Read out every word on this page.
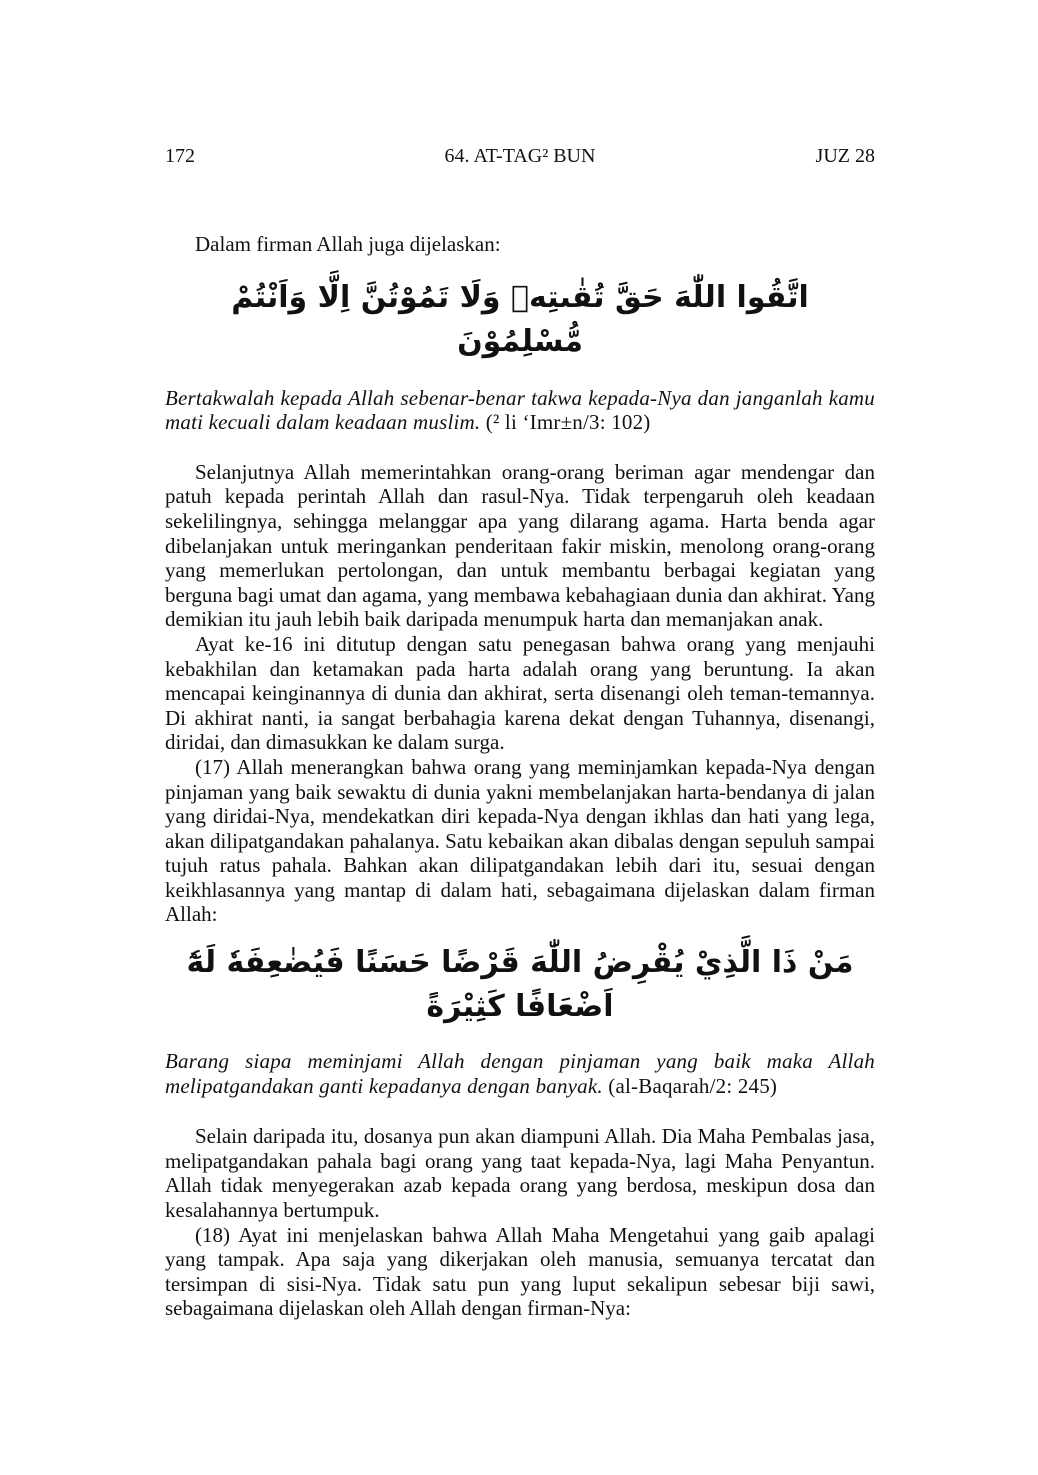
172	64. AT-TAG² BUN	JUZ 28

Dalam firman Allah juga dijelaskan:

اتَّقُوا اللّٰهَ حَقَّ تُقٰىتِهٖ وَلَا تَمُوْتُنَّ اِلَّا وَاَنْتُمْ مُّسْلِمُوْنَ

Bertakwalah kepada Allah sebenar-benar takwa kepada-Nya dan janganlah kamu mati kecuali dalam keadaan muslim. (² li ‘Imr±n/3: 102)

Selanjutnya Allah memerintahkan orang-orang beriman agar mendengar dan patuh kepada perintah Allah dan rasul-Nya. Tidak terpengaruh oleh keadaan sekelilingnya, sehingga melanggar apa yang dilarang agama. Harta benda agar dibelanjakan untuk meringankan penderitaan fakir miskin, menolong orang-orang yang memerlukan pertolongan, dan untuk membantu berbagai kegiatan yang berguna bagi umat dan agama, yang membawa kebahagiaan dunia dan akhirat. Yang demikian itu jauh lebih baik daripada menumpuk harta dan memanjakan anak.

Ayat ke-16 ini ditutup dengan satu penegasan bahwa orang yang menjauhi kebakhilan dan ketamakan pada harta adalah orang yang beruntung. Ia akan mencapai keinginannya di dunia dan akhirat, serta disenangi oleh teman-temannya. Di akhirat nanti, ia sangat berbahagia karena dekat dengan Tuhannya, disenangi, diridai, dan dimasukkan ke dalam surga.

(17) Allah menerangkan bahwa orang yang meminjamkan kepada-Nya dengan pinjaman yang baik sewaktu di dunia yakni membelanjakan harta-bendanya di jalan yang diridai-Nya, mendekatkan diri kepada-Nya dengan ikhlas dan hati yang lega, akan dilipatgandakan pahalanya. Satu kebaikan akan dibalas dengan sepuluh sampai tujuh ratus pahala. Bahkan akan dilipatgandakan lebih dari itu, sesuai dengan keikhlasannya yang mantap di dalam hati, sebagaimana dijelaskan dalam firman Allah:

مَنْ ذَا الَّذِيْ يُقْرِضُ اللّٰهَ قَرْضًا حَسَنًا فَيُضٰعِفَهٗ لَهٗٓ اَضْعَافًا كَثِيْرَةً

Barang siapa meminjami Allah dengan pinjaman yang baik maka Allah melipatgandakan ganti kepadanya dengan banyak. (al-Baqarah/2: 245)

Selain daripada itu, dosanya pun akan diampuni Allah. Dia Maha Pembalas jasa, melipatgandakan pahala bagi orang yang taat kepada-Nya, lagi Maha Penyantun. Allah tidak menyegerakan azab kepada orang yang berdosa, meskipun dosa dan kesalahannya bertumpuk.

(18) Ayat ini menjelaskan bahwa Allah Maha Mengetahui yang gaib apalagi yang tampak. Apa saja yang dikerjakan oleh manusia, semuanya tercatat dan tersimpan di sisi-Nya. Tidak satu pun yang luput sekalipun sebesar biji sawi, sebagaimana dijelaskan oleh Allah dengan firman-Nya:
